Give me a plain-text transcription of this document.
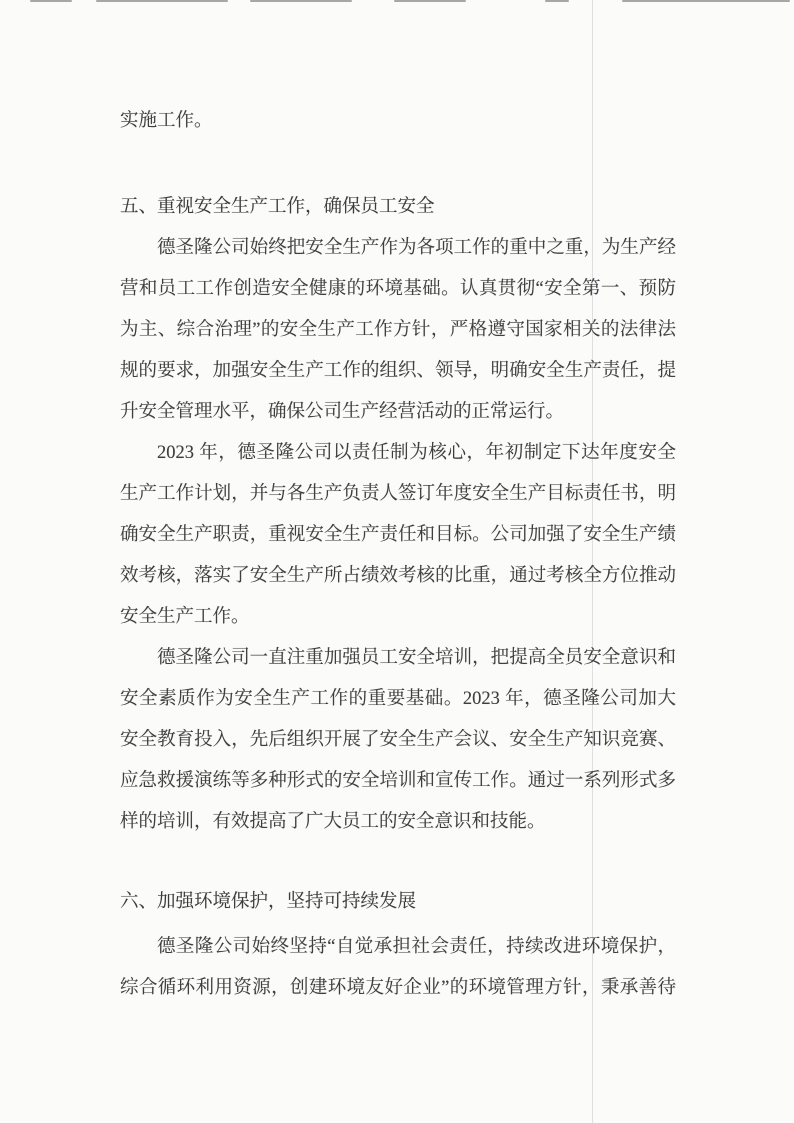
实施工作。

五、重视安全生产工作，确保员工安全

德圣隆公司始终把安全生产作为各项工作的重中之重，为生产经

营和员工工作创造安全健康的环境基础。认真贯彻“安全第一、预防

为主、综合治理”的安全生产工作方针，严格遵守国家相关的法律法

规的要求，加强安全生产工作的组织、领导，明确安全生产责任，提

升安全管理水平，确保公司生产经营活动的正常运行。

2023 年，德圣隆公司以责任制为核心，年初制定下达年度安全

生产工作计划，并与各生产负责人签订年度安全生产目标责任书，明

确安全生产职责，重视安全生产责任和目标。公司加强了安全生产绩

效考核，落实了安全生产所占绩效考核的比重，通过考核全方位推动

安全生产工作。

德圣隆公司一直注重加强员工安全培训，把提高全员安全意识和

安全素质作为安全生产工作的重要基础。2023 年，德圣隆公司加大

安全教育投入，先后组织开展了安全生产会议、安全生产知识竞赛、

应急救援演练等多种形式的安全培训和宣传工作。通过一系列形式多

样的培训，有效提高了广大员工的安全意识和技能。

六、加强环境保护，坚持可持续发展

德圣隆公司始终坚持“自觉承担社会责任，持续改进环境保护，

综合循环利用资源，创建环境友好企业”的环境管理方针，秉承善待
